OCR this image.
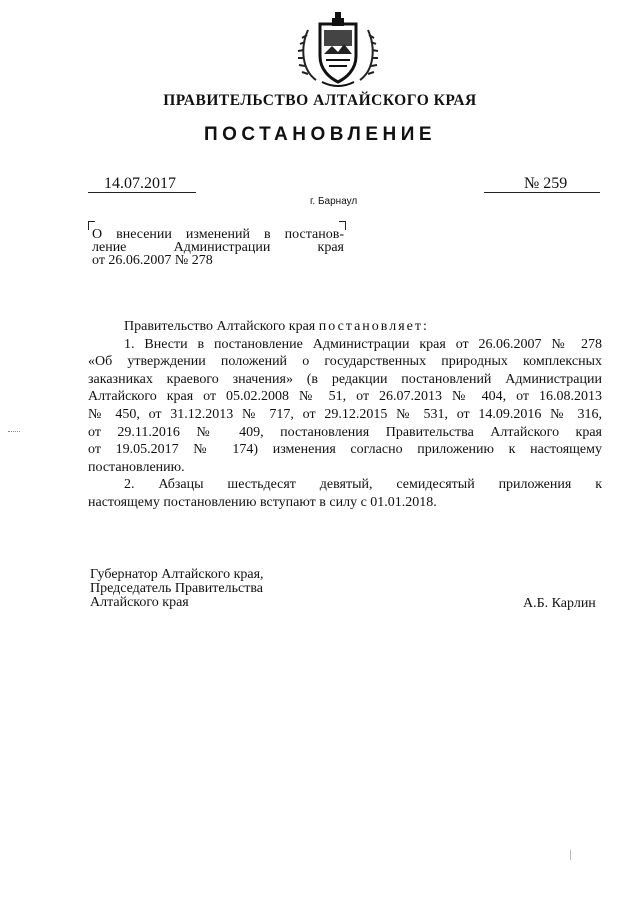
ПРАВИТЕЛЬСТВО АЛТАЙСКОГО КРАЯ
ПОСТАНОВЛЕНИЕ
14.07.2017	№ 259
г. Барнаул
О внесении изменений в постанов-
ление Администрации края
от 26.06.2007 № 278
Правительство Алтайского края постановляет:
1. Внести в постановление Администрации края от 26.06.2007 № 278
«Об утверждении положений о государственных природных комплексных
заказниках краевого значения» (в редакции постановлений Администрации
Алтайского края от 05.02.2008 № 51, от 26.07.2013 № 404, от 16.08.2013
№ 450, от 31.12.2013 № 717, от 29.12.2015 № 531, от 14.09.2016 № 316,
от 29.11.2016 № 409, постановления Правительства Алтайского края
от 19.05.2017 № 174) изменения согласно приложению к настоящему
постановлению.
2. Абзацы шестьдесят девятый, семидесятый приложения к
настоящему постановлению вступают в силу с 01.01.2018.
Губернатор Алтайского края,
Председатель Правительства
Алтайского края	А.Б. Карлин
